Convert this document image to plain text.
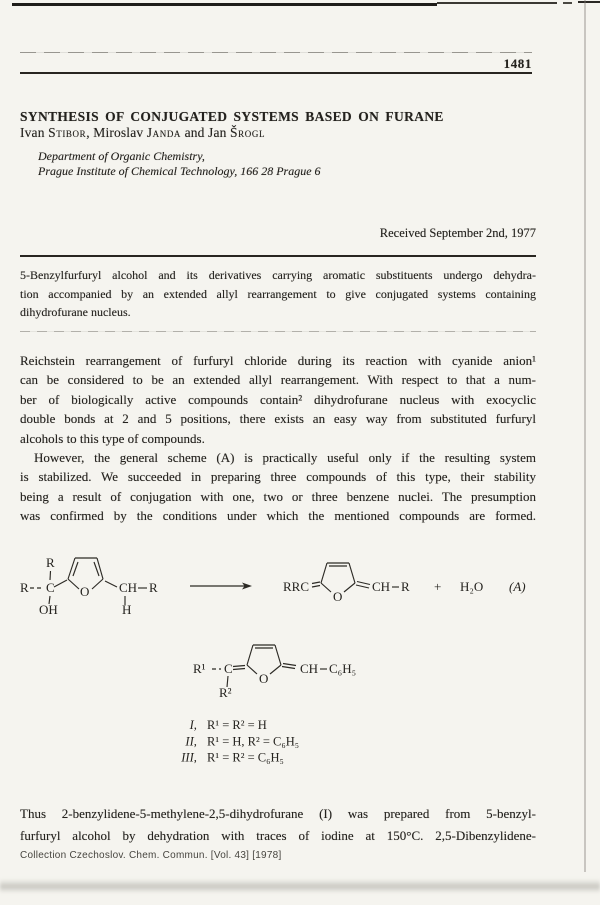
1481
SYNTHESIS OF CONJUGATED SYSTEMS BASED ON FURANE
Ivan Stibor, Miroslav Janda and Jan Šrogl
Department of Organic Chemistry,
Prague Institute of Chemical Technology, 166 28 Prague 6
Received September 2nd, 1977
5-Benzylfurfuryl alcohol and its derivatives carrying aromatic substituents undergo dehydra-
tion accompanied by an extended allyl rearrangement to give conjugated systems containing
dihydrofurane nucleus.
Reichstein rearrangement of furfuryl chloride during its reaction with cyanide anion¹
can be considered to be an extended allyl rearrangement. With respect to that a num-
ber of biologically active compounds contain² dihydrofurane nucleus with exocyclic
double bonds at 2 and 5 positions, there exists an easy way from substituted furfuryl
alcohols to this type of compounds.
However, the general scheme (A) is practically useful only if the resulting system
is stabilized. We succeeded in preparing three compounds of this type, their stability
being a result of conjugation with one, two or three benzene nuclei. The presumption
was confirmed by the conditions under which the mentioned compounds are formed.
Thus 2-benzylidene-5-methylene-2,5-dihydrofurane (I) was prepared from 5-benzyl-
furfuryl alcohol by dehydration with traces of iodine at 150°C. 2,5-Dibenzylidene-
R
R C
OH
O CH R
H
RRC
O
CH R + H₂O (A)
R¹ C
R²
O
CH C₆H₅
I, R¹ = R² = H
II, R¹ = H, R² = C₆H₅
III, R¹ = R² = C₆H₅
Collection Czechoslov. Chem. Commun. [Vol. 43] [1978]
